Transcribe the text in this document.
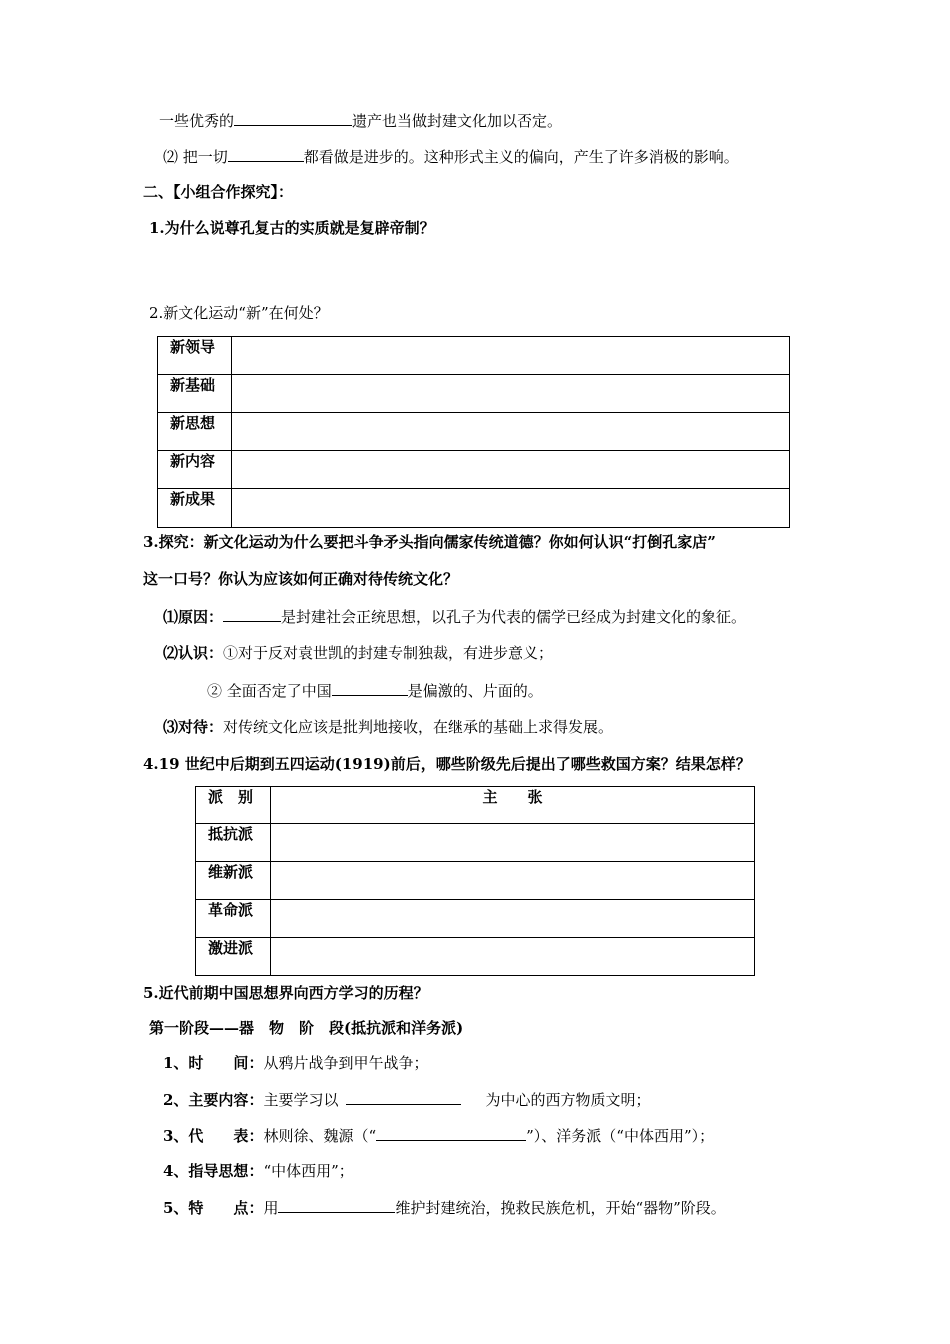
一些优秀的	遗产也当做封建文化加以否定。
⑵ 把一切	都看做是进步的。这种形式主义的偏向，产生了许多消极的影响。
二、【小组合作探究】：
1.为什么说尊孔复古的实质就是复辟帝制？
2.新文化运动“新”在何处？
新领导	
新基础	
新思想	
新内容	
新成果	
3.探究：新文化运动为什么要把斗争矛头指向儒家传统道德？你如何认识“打倒孔家店”
这一口号？你认为应该如何正确对待传统文化？
⑴原因：	是封建社会正统思想，以孔子为代表的儒学已经成为封建文化的象征。
⑵认识：①对于反对袁世凯的封建专制独裁，有进步意义；
② 全面否定了中国	是偏激的、片面的。
⑶对待：对传统文化应该是批判地接收，在继承的基础上求得发展。
4.19 世纪中后期到五四运动(1919)前后，哪些阶级先后提出了哪些救国方案？结果怎样？
派　别	主　　张
抵抗派	
维新派	
革命派	
激进派	
5.近代前期中国思想界向西方学习的历程？
第一阶段——器　物　阶　段(抵抗派和洋务派)
1、时　　间：从鸦片战争到甲午战争；
2、主要内容：主要学习以	为中心的西方物质文明；
3、代　　表：林则徐、魏源（“	”）、洋务派（“中体西用”）；
4、指导思想：“中体西用”；
5、特　　点：用	维护封建统治，挽救民族危机，开始“器物”阶段。
